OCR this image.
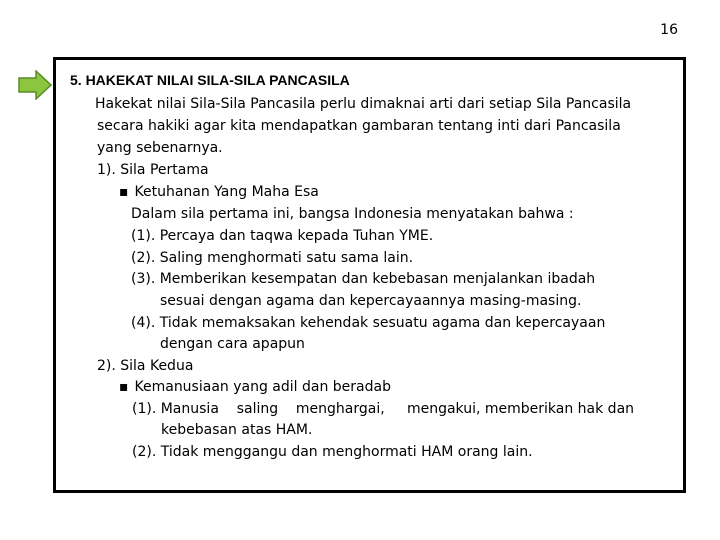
16
5. HAKEKAT NILAI SILA-SILA PANCASILA
Hakekat nilai Sila-Sila Pancasila perlu dimaknai arti dari setiap Sila Pancasila
secara hakiki agar kita mendapatkan gambaran tentang inti dari Pancasila
yang sebenarnya.
1). Sila Pertama
▪ Ketuhanan Yang Maha Esa
Dalam sila pertama ini, bangsa Indonesia menyatakan bahwa :
(1). Percaya dan taqwa kepada Tuhan YME.
(2). Saling menghormati satu sama lain.
(3). Memberikan kesempatan dan kebebasan menjalankan ibadah
sesuai dengan agama dan kepercayaannya masing-masing.
(4). Tidak memaksakan kehendak sesuatu agama dan kepercayaan
dengan cara apapun
2). Sila Kedua
▪ Kemanusiaan yang adil dan beradab
(1). Manusia    saling    menghargai,     mengakui, memberikan hak dan
kebebasan atas HAM.
(2). Tidak menggangu dan menghormati HAM orang lain.
